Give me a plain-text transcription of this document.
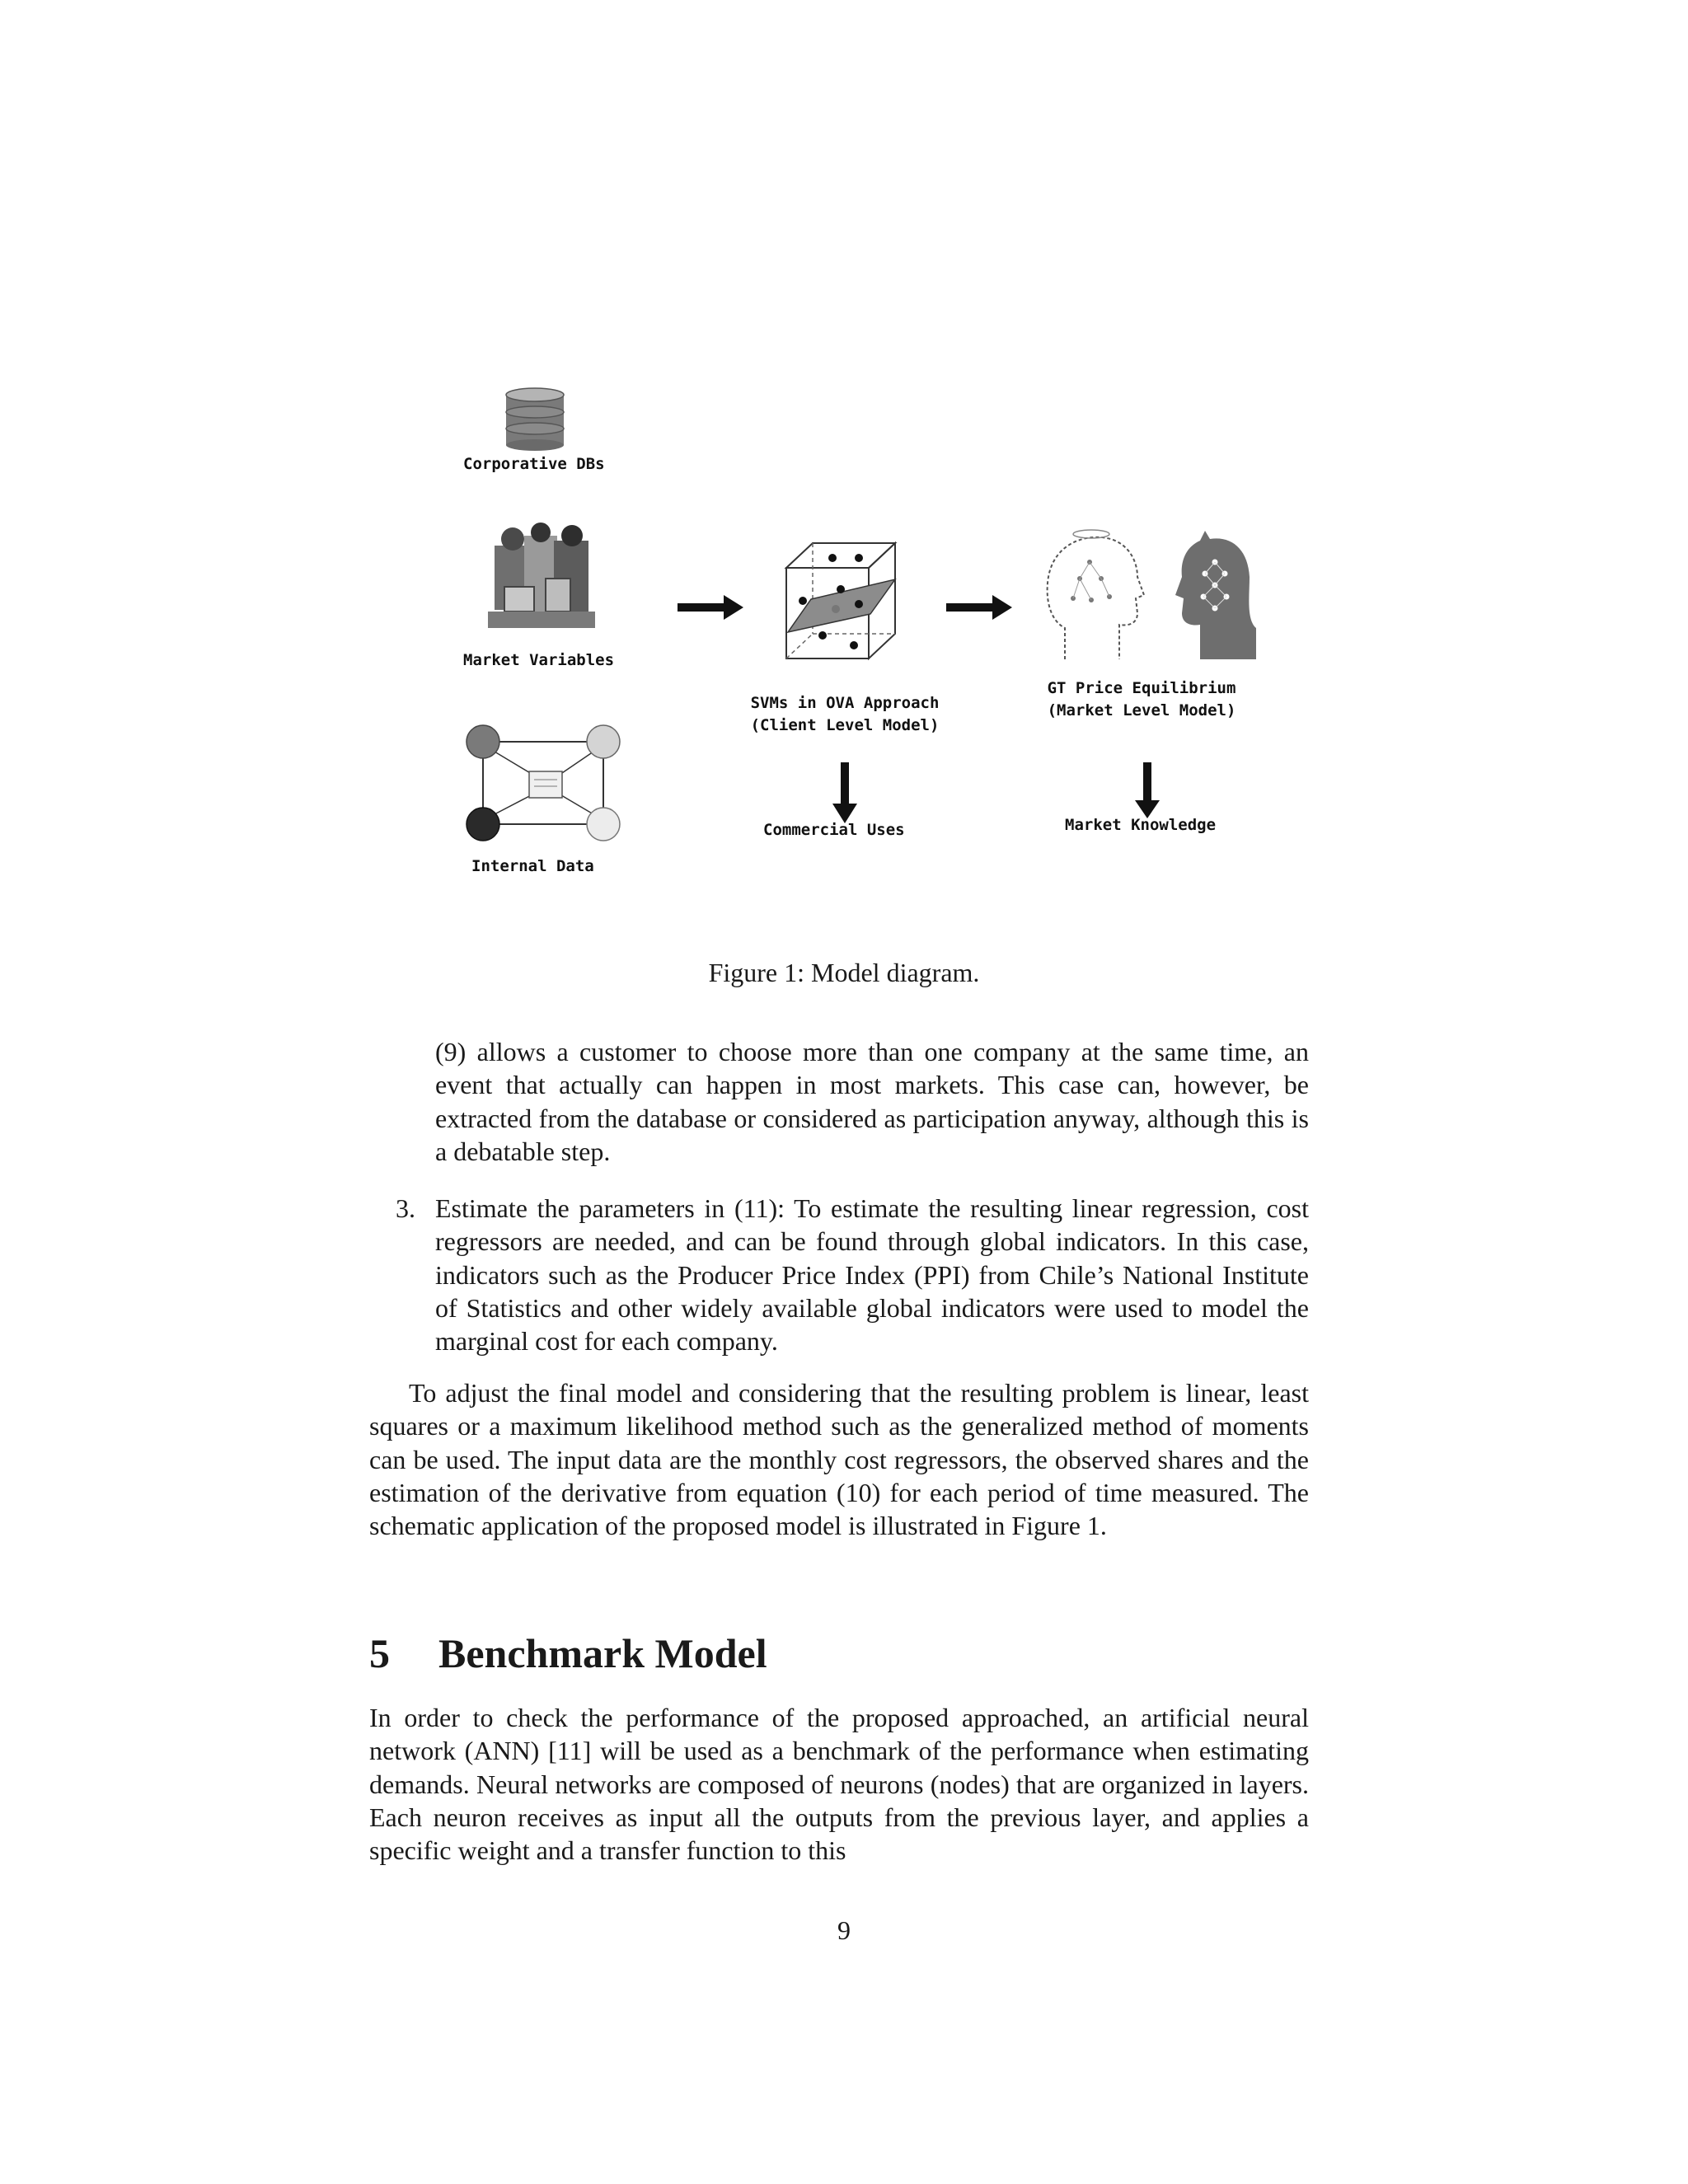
Corporative DBs
Market Variables
Internal Data
SVMs in OVA Approach
(Client Level Model)
GT Price Equilibrium
(Market Level Model)
Commercial Uses	Market Knowledge
Figure 1: Model diagram.

(9) allows a customer to choose more than one company at the same time, an event that actually can happen in most markets. This case can, however, be extracted from the database or considered as participation anyway, although this is a debatable step.

3. Estimate the parameters in (11): To estimate the resulting linear regression, cost regressors are needed, and can be found through global indicators. In this case, indicators such as the Producer Price Index (PPI) from Chile’s National Institute of Statistics and other widely available global indicators were used to model the marginal cost for each company.

To adjust the final model and considering that the resulting problem is linear, least squares or a maximum likelihood method such as the generalized method of moments can be used. The input data are the monthly cost regressors, the observed shares and the estimation of the derivative from equation (10) for each period of time measured. The schematic application of the proposed model is illustrated in Figure 1.

5 Benchmark Model

In order to check the performance of the proposed approached, an artificial neural network (ANN) [11] will be used as a benchmark of the performance when estimating demands. Neural networks are composed of neurons (nodes) that are organized in layers. Each neuron receives as input all the outputs from the previous layer, and applies a specific weight and a transfer function to this

9
